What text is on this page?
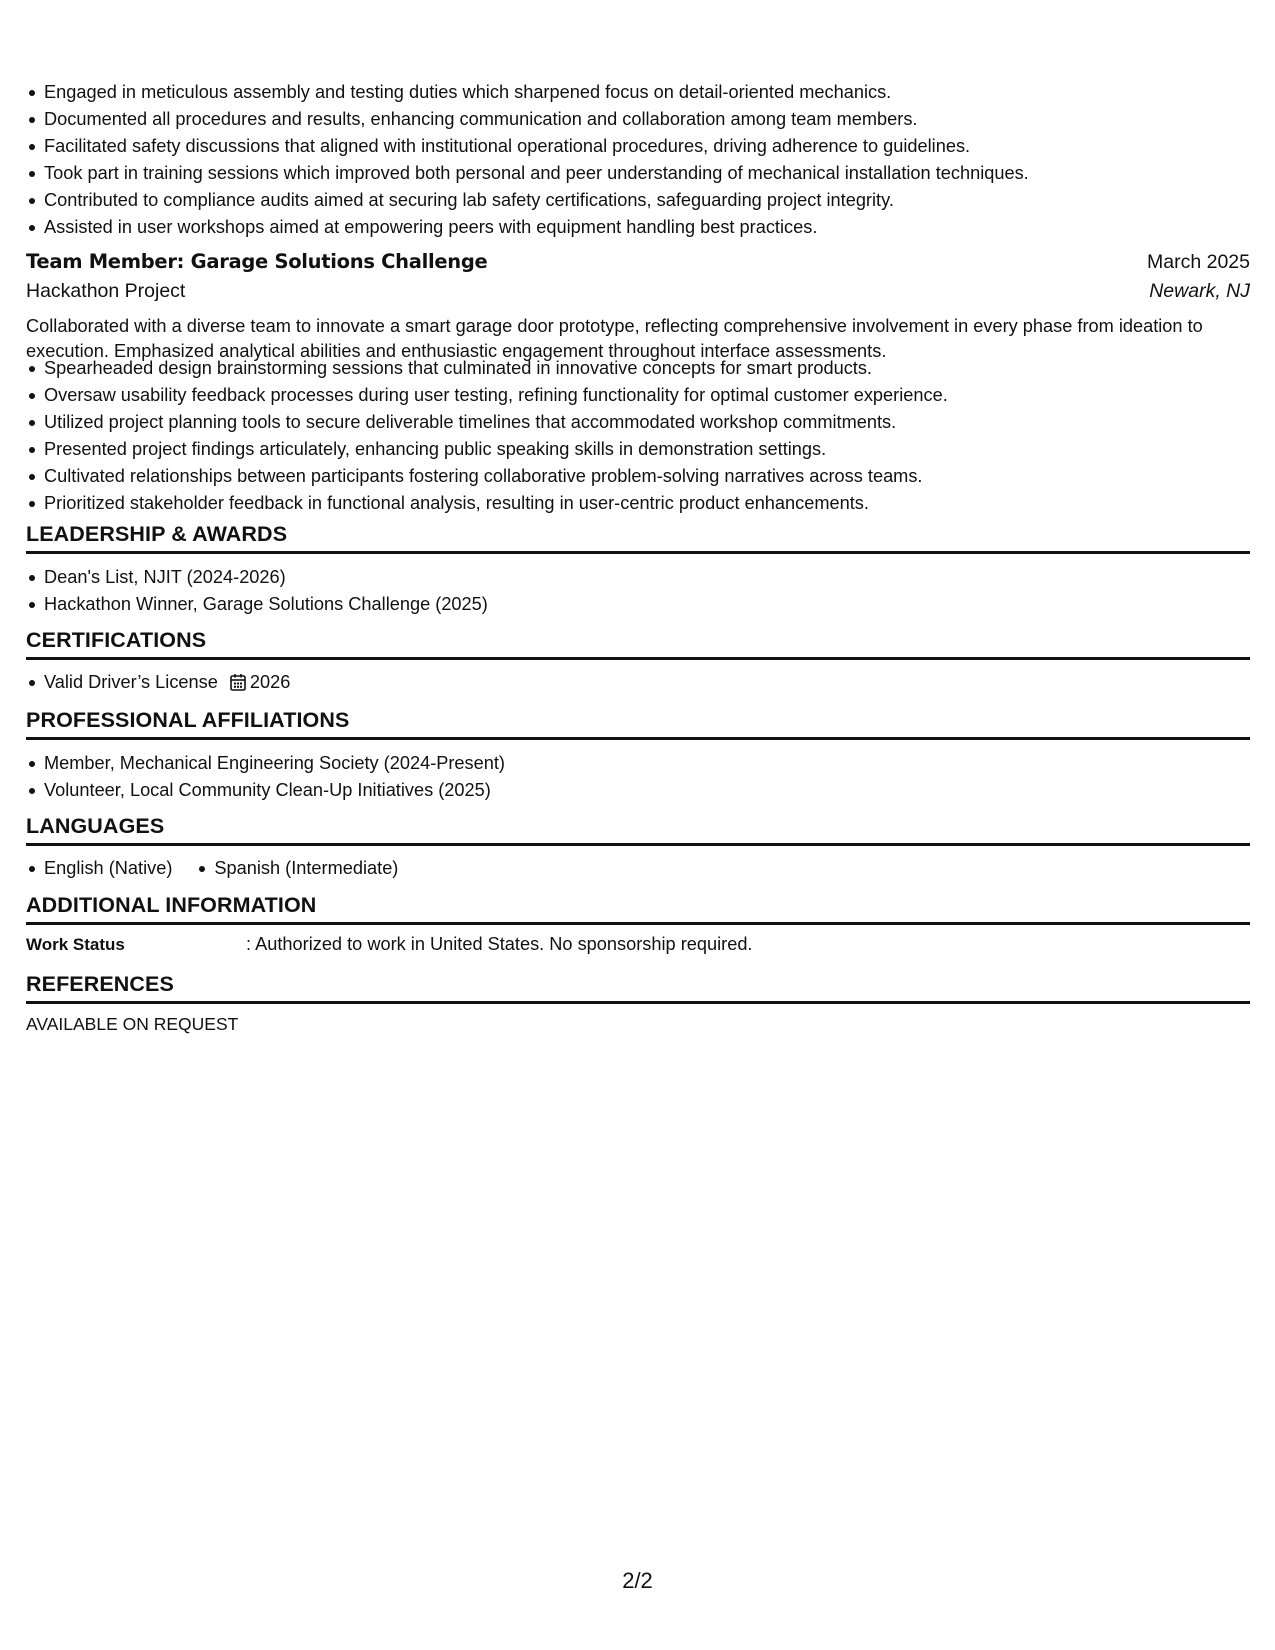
Engaged in meticulous assembly and testing duties which sharpened focus on detail-oriented mechanics.
Documented all procedures and results, enhancing communication and collaboration among team members.
Facilitated safety discussions that aligned with institutional operational procedures, driving adherence to guidelines.
Took part in training sessions which improved both personal and peer understanding of mechanical installation techniques.
Contributed to compliance audits aimed at securing lab safety certifications, safeguarding project integrity.
Assisted in user workshops aimed at empowering peers with equipment handling best practices.
Team Member: Garage Solutions Challenge	March 2025
Hackathon Project	Newark, NJ
Collaborated with a diverse team to innovate a smart garage door prototype, reflecting comprehensive involvement in every phase from ideation to execution. Emphasized analytical abilities and enthusiastic engagement throughout interface assessments.
Spearheaded design brainstorming sessions that culminated in innovative concepts for smart products.
Oversaw usability feedback processes during user testing, refining functionality for optimal customer experience.
Utilized project planning tools to secure deliverable timelines that accommodated workshop commitments.
Presented project findings articulately, enhancing public speaking skills in demonstration settings.
Cultivated relationships between participants fostering collaborative problem-solving narratives across teams.
Prioritized stakeholder feedback in functional analysis, resulting in user-centric product enhancements.
LEADERSHIP & AWARDS
Dean's List, NJIT (2024-2026)
Hackathon Winner, Garage Solutions Challenge (2025)
CERTIFICATIONS
Valid Driver’s License 2026
PROFESSIONAL AFFILIATIONS
Member, Mechanical Engineering Society (2024-Present)
Volunteer, Local Community Clean-Up Initiatives (2025)
LANGUAGES
English (Native)	Spanish (Intermediate)
ADDITIONAL INFORMATION
Work Status	: Authorized to work in United States. No sponsorship required.
REFERENCES
AVAILABLE ON REQUEST
2/2
